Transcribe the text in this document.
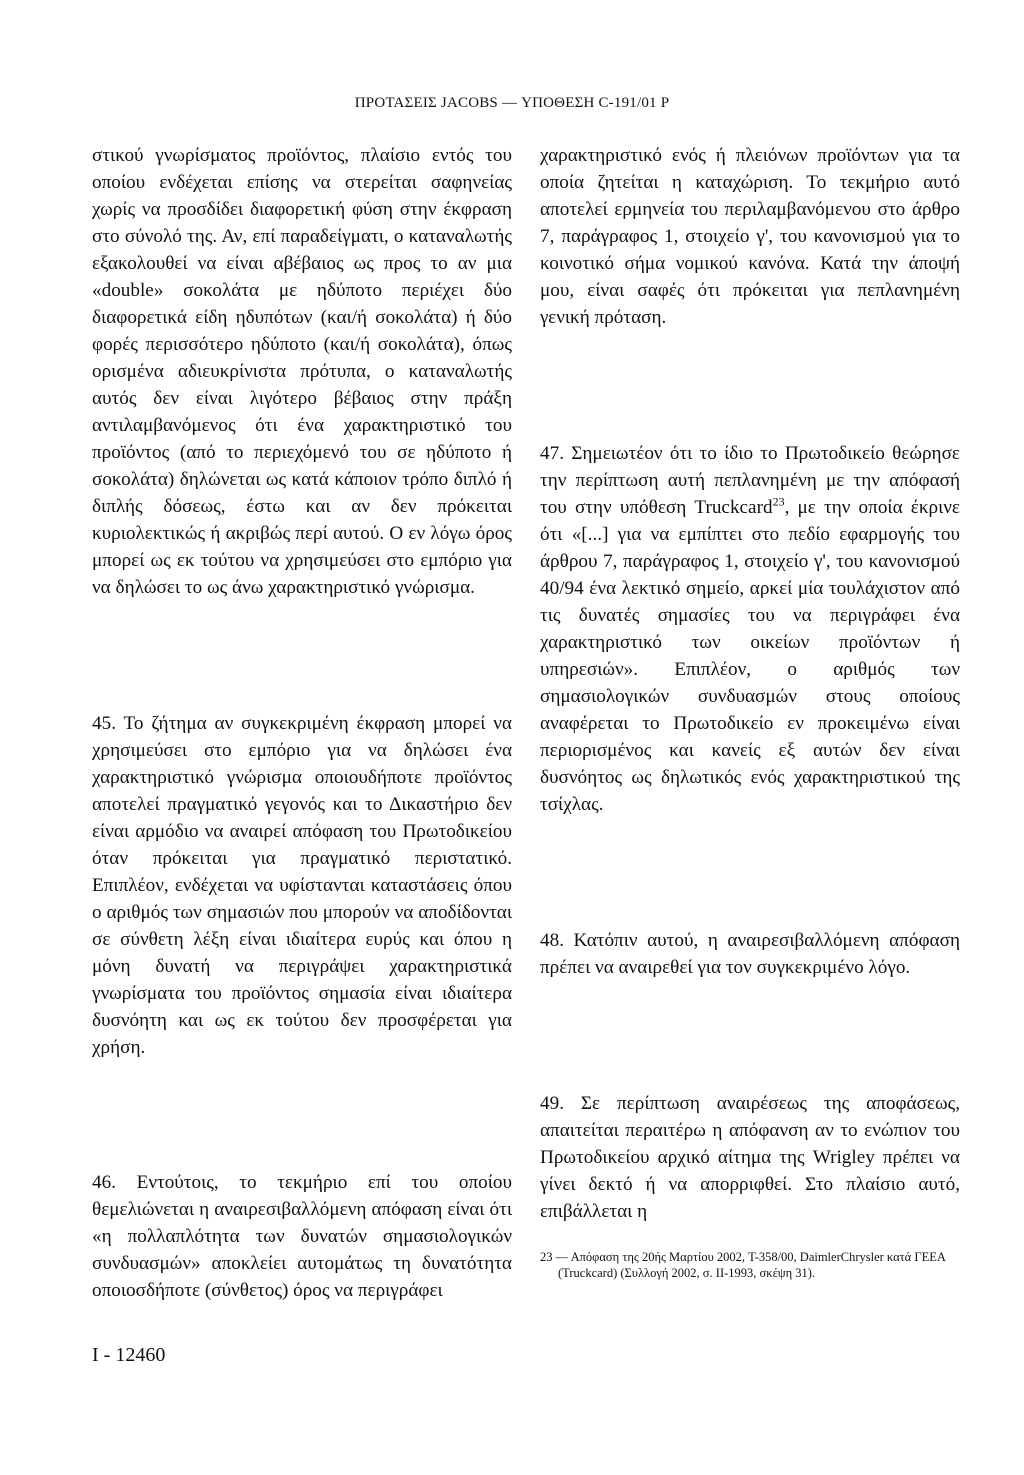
ΠΡΟΤΑΣΕΙΣ JACOBS — ΥΠΟΘΕΣΗ C-191/01 P

στικού γνωρίσματος προϊόντος, πλαίσιο εντός του οποίου ενδέχεται επίσης να στερείται σαφηνείας χωρίς να προσδίδει διαφορετική φύση στην έκφραση στο σύνολό της. Αν, επί παραδείγματι, ο καταναλωτής εξακολουθεί να είναι αβέβαιος ως προς το αν μια «double» σοκολάτα με ηδύποτο περιέχει δύο διαφορετικά είδη ηδυπότων (και/ή σοκολάτα) ή δύο φορές περισσότερο ηδύποτο (και/ή σοκολάτα), όπως ορισμένα αδιευκρίνιστα πρότυπα, ο καταναλωτής αυτός δεν είναι λιγότερο βέβαιος στην πράξη αντιλαμβανόμενος ότι ένα χαρακτηριστικό του προϊόντος (από το περιεχόμενό του σε ηδύποτο ή σοκολάτα) δηλώνεται ως κατά κάποιον τρόπο διπλό ή διπλής δόσεως, έστω και αν δεν πρόκειται κυριολεκτικώς ή ακριβώς περί αυτού. Ο εν λόγω όρος μπορεί ως εκ τούτου να χρησιμεύσει στο εμπόριο για να δηλώσει το ως άνω χαρακτηριστικό γνώρισμα.

45. Το ζήτημα αν συγκεκριμένη έκφραση μπορεί να χρησιμεύσει στο εμπόριο για να δηλώσει ένα χαρακτηριστικό γνώρισμα οποιουδήποτε προϊόντος αποτελεί πραγματικό γεγονός και το Δικαστήριο δεν είναι αρμόδιο να αναιρεί απόφαση του Πρωτοδικείου όταν πρόκειται για πραγματικό περιστατικό. Επιπλέον, ενδέχεται να υφίστανται καταστάσεις όπου ο αριθμός των σημασιών που μπορούν να αποδίδονται σε σύνθετη λέξη είναι ιδιαίτερα ευρύς και όπου η μόνη δυνατή να περιγράψει χαρακτηριστικά γνωρίσματα του προϊόντος σημασία είναι ιδιαίτερα δυσνόητη και ως εκ τούτου δεν προσφέρεται για χρήση.

46. Εντούτοις, το τεκμήριο επί του οποίου θεμελιώνεται η αναιρεσιβαλλόμενη απόφαση είναι ότι «η πολλαπλότητα των δυνατών σημασιολογικών συνδυασμών» αποκλείει αυτομάτως τη δυνατότητα οποιοσδήποτε (σύνθετος) όρος να περιγράφει

χαρακτηριστικό ενός ή πλειόνων προϊόντων για τα οποία ζητείται η καταχώριση. Το τεκμήριο αυτό αποτελεί ερμηνεία του περιλαμβανόμενου στο άρθρο 7, παράγραφος 1, στοιχείο γ', του κανονισμού για το κοινοτικό σήμα νομικού κανόνα. Κατά την άποψή μου, είναι σαφές ότι πρόκειται για πεπλανημένη γενική πρόταση.

47. Σημειωτέον ότι το ίδιο το Πρωτοδικείο θεώρησε την περίπτωση αυτή πεπλανημένη με την απόφασή του στην υπόθεση Truckcard$^{23}$, με την οποία έκρινε ότι «[...] για να εμπίπτει στο πεδίο εφαρμογής του άρθρου 7, παράγραφος 1, στοιχείο γ', του κανονισμού 40/94 ένα λεκτικό σημείο, αρκεί μία τουλάχιστον από τις δυνατές σημασίες του να περιγράφει ένα χαρακτηριστικό των οικείων προϊόντων ή υπηρεσιών». Επιπλέον, ο αριθμός των σημασιολογικών συνδυασμών στους οποίους αναφέρεται το Πρωτοδικείο εν προκειμένω είναι περιορισμένος και κανείς εξ αυτών δεν είναι δυσνόητος ως δηλωτικός ενός χαρακτηριστικού της τσίχλας.

48. Κατόπιν αυτού, η αναιρεσιβαλλόμενη απόφαση πρέπει να αναιρεθεί για τον συγκεκριμένο λόγο.

49. Σε περίπτωση αναιρέσεως της αποφάσεως, απαιτείται περαιτέρω η απόφανση αν το ενώπιον του Πρωτοδικείου αρχικό αίτημα της Wrigley πρέπει να γίνει δεκτό ή να απορριφθεί. Στο πλαίσιο αυτό, επιβάλλεται η

23 — Απόφαση της 20ής Μαρτίου 2002, T-358/00, DaimlerChrysler κατά ΓΕΕΑ (Truckcard) (Συλλογή 2002, σ. II-1993, σκέψη 31).
I - 12460
